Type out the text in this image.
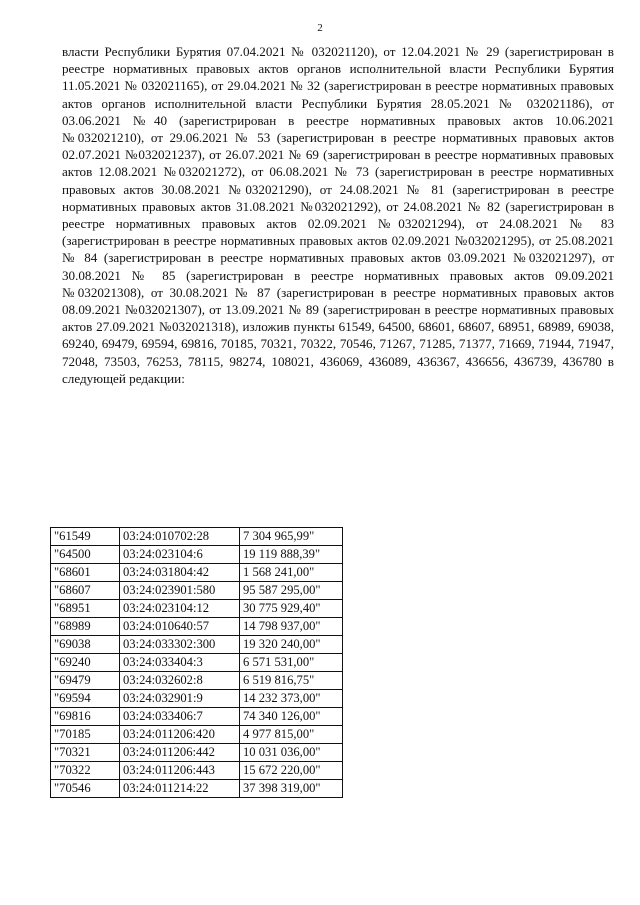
2

власти Республики Бурятия 07.04.2021 № 032021120), от 12.04.2021 № 29 (зарегистрирован в реестре нормативных правовых актов органов исполнительной власти Республики Бурятия 11.05.2021 № 032021165), от 29.04.2021 № 32 (зарегистрирован в реестре нормативных правовых актов органов исполнительной власти Республики Бурятия 28.05.2021 № 032021186), от 03.06.2021 №40 (зарегистрирован в реестре нормативных правовых актов 10.06.2021 №032021210), от 29.06.2021 № 53 (зарегистрирован в реестре нормативных правовых актов 02.07.2021 №032021237), от 26.07.2021 № 69 (зарегистрирован в реестре нормативных правовых актов 12.08.2021 №032021272), от 06.08.2021 № 73 (зарегистрирован в реестре нормативных правовых актов 30.08.2021 №032021290), от 24.08.2021 № 81 (зарегистрирован в реестре нормативных правовых актов 31.08.2021 №032021292), от 24.08.2021 № 82 (зарегистрирован в реестре нормативных правовых актов 02.09.2021 №032021294), от 24.08.2021 № 83 (зарегистрирован в реестре нормативных правовых актов 02.09.2021 №032021295), от 25.08.2021 № 84 (зарегистрирован в реестре нормативных правовых актов 03.09.2021 №032021297), от 30.08.2021 № 85 (зарегистрирован в реестре нормативных правовых актов 09.09.2021 №032021308), от 30.08.2021 № 87 (зарегистрирован в реестре нормативных правовых актов 08.09.2021 №032021307), от 13.09.2021 № 89 (зарегистрирован в реестре нормативных правовых актов 27.09.2021 №032021318), изложив пункты 61549, 64500, 68601, 68607, 68951, 68989, 69038, 69240, 69479, 69594, 69816, 70185, 70321, 70322, 70546, 71267, 71285, 71377, 71669, 71944, 71947, 72048, 73503, 76253, 78115, 98274, 108021, 436069, 436089, 436367, 436656, 436739, 436780 в следующей редакции:

"61549	03:24:010702:28	7 304 965,99"
"64500	03:24:023104:6	19 119 888,39"
"68601	03:24:031804:42	1 568 241,00"
"68607	03:24:023901:580	95 587 295,00"
"68951	03:24:023104:12	30 775 929,40"
"68989	03:24:010640:57	14 798 937,00"
"69038	03:24:033302:300	19 320 240,00"
"69240	03:24:033404:3	6 571 531,00"
"69479	03:24:032602:8	6 519 816,75"
"69594	03:24:032901:9	14 232 373,00"
"69816	03:24:033406:7	74 340 126,00"
"70185	03:24:011206:420	4 977 815,00"
"70321	03:24:011206:442	10 031 036,00"
"70322	03:24:011206:443	15 672 220,00"
"70546	03:24:011214:22	37 398 319,00"
